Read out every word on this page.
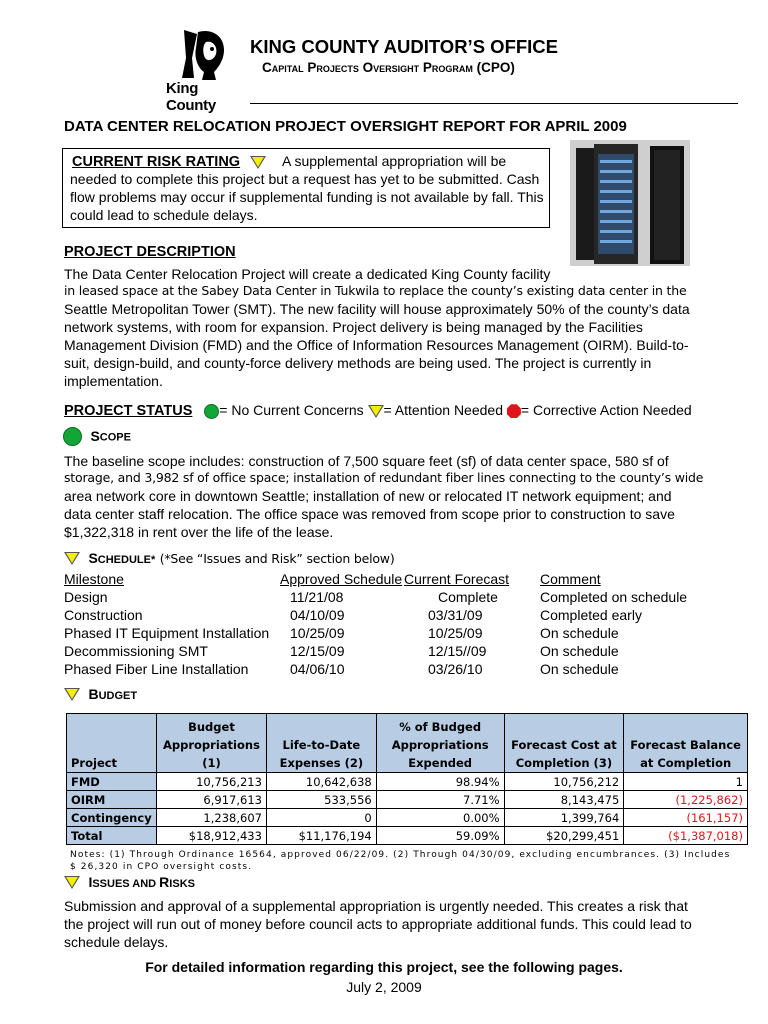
King County
KING COUNTY AUDITOR’S OFFICE
Capital Projects Oversight Program (CPO)
DATA CENTER RELOCATION PROJECT OVERSIGHT REPORT FOR APRIL 2009
CURRENT RISK RATING	A supplemental appropriation will be needed to complete this project but a request has yet to be submitted. Cash flow problems may occur if supplemental funding is not available by fall. This could lead to schedule delays.
PROJECT DESCRIPTION
The Data Center Relocation Project will create a dedicated King County facility
in leased space at the Sabey Data Center in Tukwila to replace the county’s existing data center in the
Seattle Metropolitan Tower (SMT). The new facility will house approximately 50% of the county’s data network systems, with room for expansion. Project delivery is being managed by the Facilities Management Division (FMD) and the Office of Information Resources Management (OIRM). Build-to-suit, design-build, and county-force delivery methods are being used. The project is currently in implementation.
PROJECT STATUS = No Current Concerns = Attention Needed = Corrective Action Needed
SCOPE
The baseline scope includes: construction of 7,500 square feet (sf) of data center space, 580 sf of
storage, and 3,982 sf of office space; installation of redundant fiber lines connecting to the county’s wide
area network core in downtown Seattle; installation of new or relocated IT network equipment; and data center staff relocation. The office space was removed from scope prior to construction to save $1,322,318 in rent over the life of the lease.
SCHEDULE* (*See “Issues and Risk” section below)
Milestone	Approved Schedule	Current Forecast	Comment
Design	11/21/08	Complete	Completed on schedule
Construction	04/10/09	03/31/09	Completed early
Phased IT Equipment Installation	10/25/09	10/25/09	On schedule
Decommissioning SMT	12/15/09	12/15//09	On schedule
Phased Fiber Line Installation	04/06/10	03/26/10	On schedule
BUDGET
Project	Budget Appropriations (1)	Life-to-Date Expenses (2)	% of Budged Appropriations Expended	Forecast Cost at Completion (3)	Forecast Balance at Completion
FMD	10,756,213	10,642,638	98.94%	10,756,212	1
OIRM	6,917,613	533,556	7.71%	8,143,475	(1,225,862)
Contingency	1,238,607	0	0.00%	1,399,764	(161,157)
Total	$18,912,433	$11,176,194	59.09%	$20,299,451	($1,387,018)
Notes: (1) Through Ordinance 16564, approved 06/22/09. (2) Through 04/30/09, excluding encumbrances. (3) Includes
$ 26,320 in CPO oversight costs.
ISSUES AND RISKS
Submission and approval of a supplemental appropriation is urgently needed. This creates a risk that the project will run out of money before council acts to appropriate additional funds. This could lead to schedule delays.
For detailed information regarding this project, see the following pages.
July 2, 2009
